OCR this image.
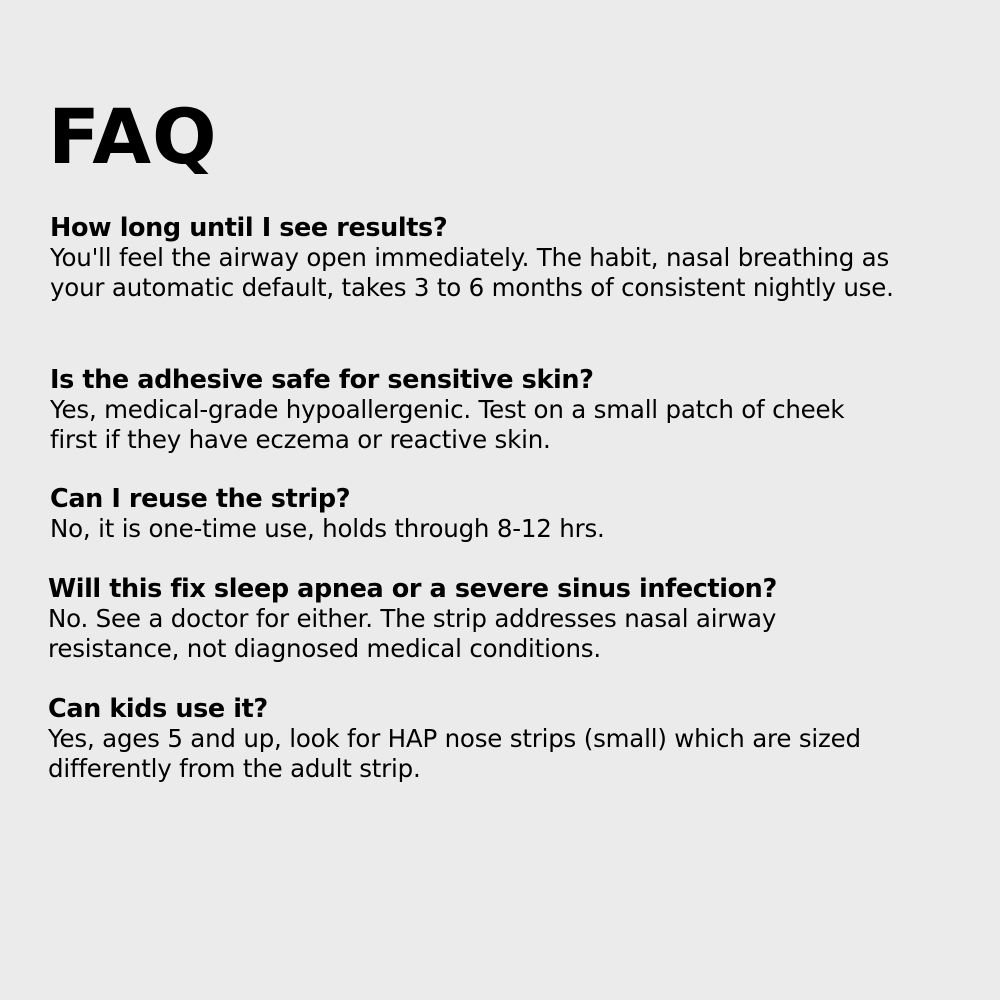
FAQ
How long until I see results?
You'll feel the airway open immediately. The habit, nasal breathing as your automatic default, takes 3 to 6 months of consistent nightly use.
Is the adhesive safe for sensitive skin?
Yes, medical-grade hypoallergenic. Test on a small patch of cheek first if they have eczema or reactive skin.
Can I reuse the strip?
No, it is one-time use, holds through 8-12 hrs.
Will this fix sleep apnea or a severe sinus infection?
No. See a doctor for either. The strip addresses nasal airway resistance, not diagnosed medical conditions.
Can kids use it?
Yes, ages 5 and up, look for HAP nose strips (small) which are sized differently from the adult strip.
